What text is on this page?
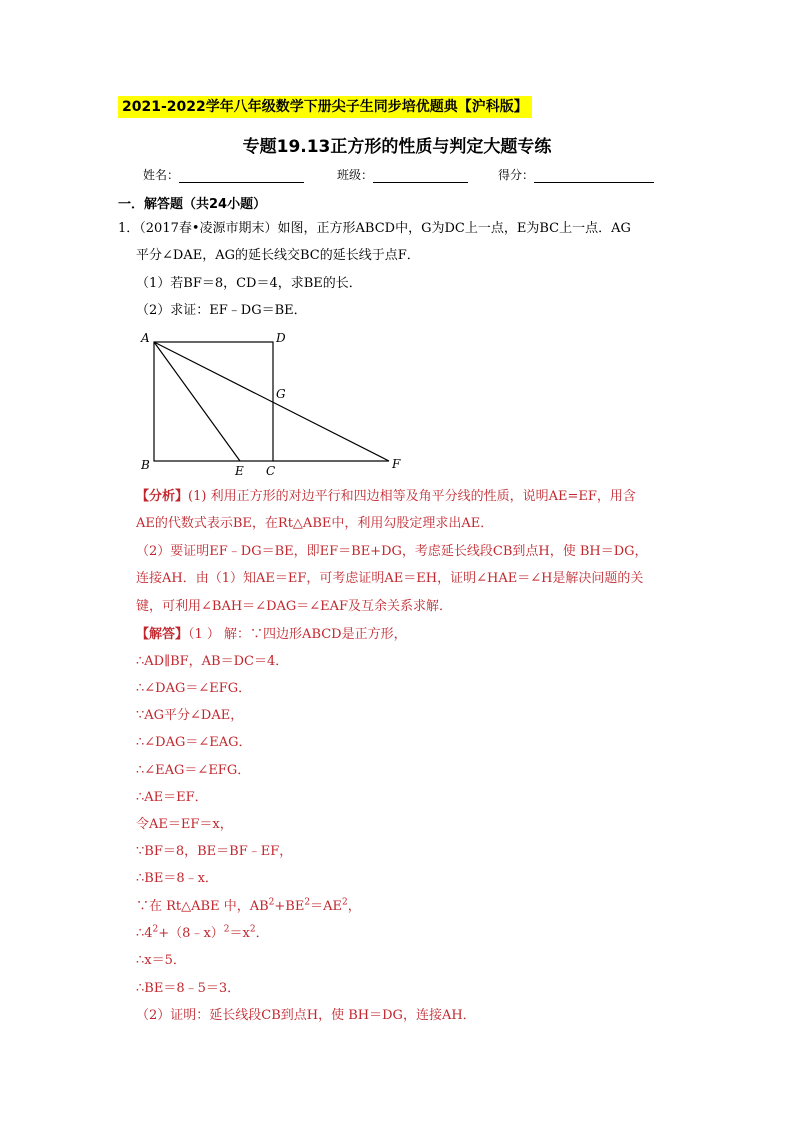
2021-2022学年八年级数学下册尖子生同步培优题典【沪科版】
专题19.13正方形的性质与判定大题专练
姓名：	班级：	得分：
一．解答题（共24小题）
1．（2017春•凌源市期末）如图，正方形ABCD中，G为DC上一点，E为BC上一点．AG
平分∠DAE，AG的延长线交BC的延长线于点F．
（1）若BF＝8，CD＝4，求BE的长．
（2）求证：EF﹣DG＝BE．
A	D
G
B	E C	F
【分析】(1) 利用正方形的对边平行和四边相等及角平分线的性质，说明AE=EF，用含
AE的代数式表示BE，在Rt△ABE中，利用勾股定理求出AE．
（2）要证明EF﹣DG＝BE，即EF＝BE+DG，考虑延长线段CB到点H，使 BH＝DG，
连接AH．由（1）知AE＝EF，可考虑证明AE＝EH，证明∠HAE＝∠H是解决问题的关
键，可利用∠BAH＝∠DAG＝∠EAF及互余关系求解．
【解答】（1 ） 解：∵四边形ABCD是正方形，
∴AD∥BF，AB＝DC＝4．
∴∠DAG＝∠EFG．
∵AG平分∠DAE，
∴∠DAG＝∠EAG．
∴∠EAG＝∠EFG．
∴AE＝EF．
令AE＝EF＝x，
∵BF＝8，BE＝BF﹣EF，
∴BE＝8﹣x．
∵在 Rt△ABE 中，$AB^2+BE^2=AE^2$，
$\therefore 4^2+(8﹣x)^2=x^2$．
∴x＝5．
∴BE＝8﹣5＝3．
（2）证明：延长线段CB到点H，使 BH＝DG，连接AH．
